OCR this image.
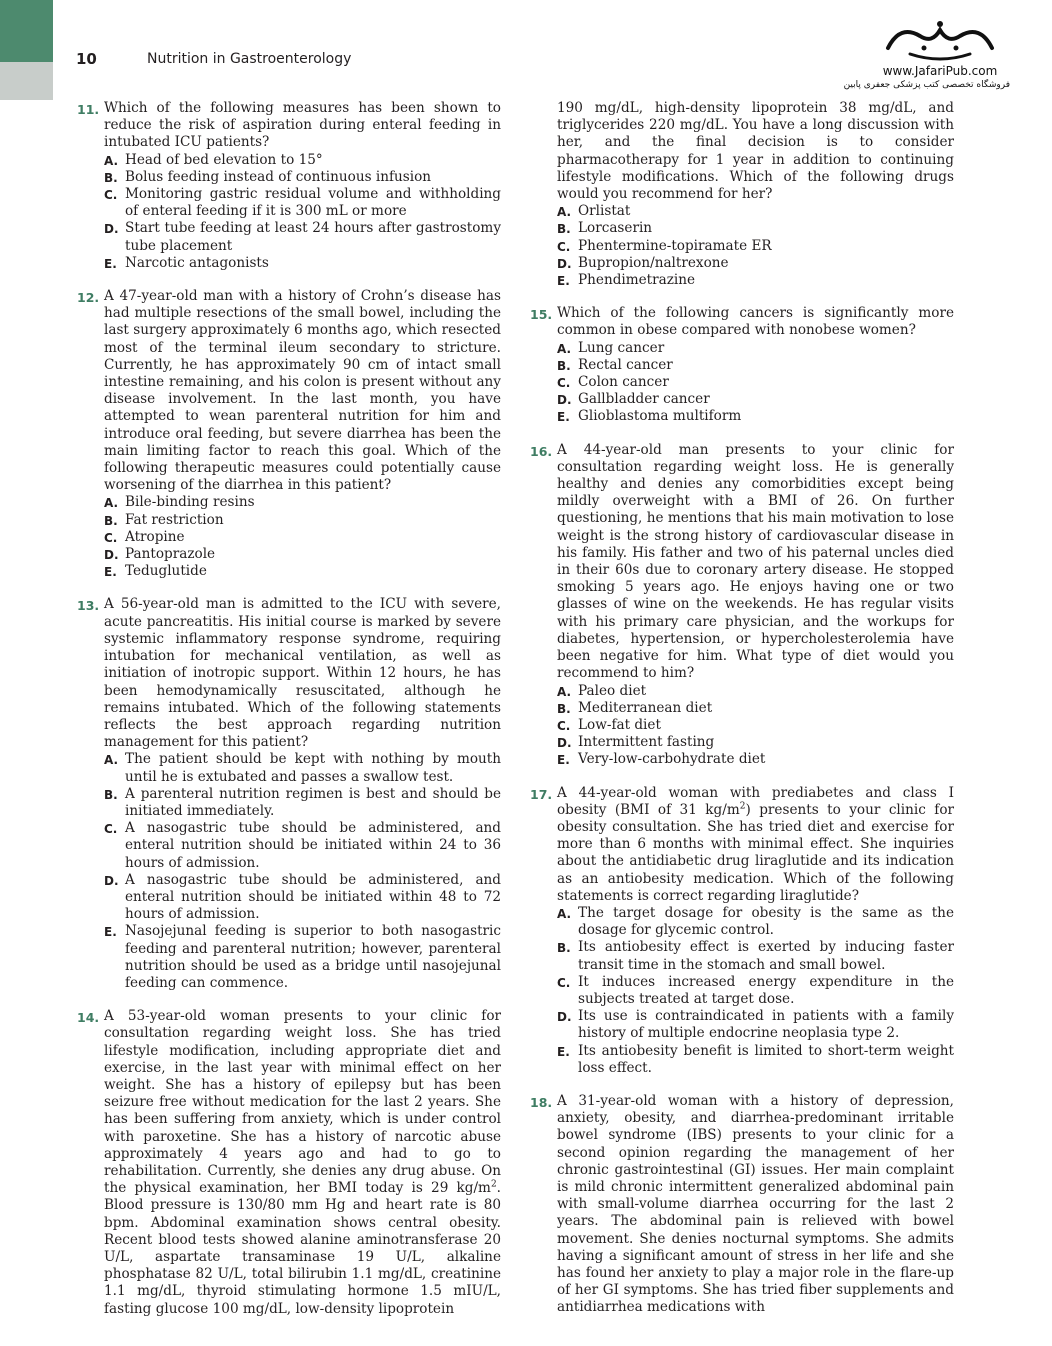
10	Nutrition in Gastroenterology
www.JafariPub.com
فروشگاه تخصصی کتب پزشکی جعفری پابین
11. Which of the following measures has been shown to reduce the risk of aspiration during enteral feeding in intubated ICU patients?

A. Head of bed elevation to 15°
B. Bolus feeding instead of continuous infusion
C. Monitoring gastric residual volume and withholding of enteral feeding if it is 300 mL or more
D. Start tube feeding at least 24 hours after gastrostomy tube placement
E. Narcotic antagonists
12. A 47-year-old man with a history of Crohn’s disease has had multiple resections of the small bowel, including the last surgery approximately 6 months ago, which resected most of the terminal ileum secondary to stricture. Currently, he has approximately 90 cm of intact small intestine remaining, and his colon is present without any disease involvement. In the last month, you have attempted to wean parenteral nutrition for him and introduce oral feeding, but severe diarrhea has been the main limiting factor to reach this goal. Which of the following therapeutic measures could potentially cause worsening of the diarrhea in this patient?

A. Bile-binding resins
B. Fat restriction
C. Atropine
D. Pantoprazole
E. Teduglutide
13. A 56-year-old man is admitted to the ICU with severe, acute pancreatitis. His initial course is marked by severe systemic inflammatory response syndrome, requiring intubation for mechanical ventilation, as well as initiation of inotropic support. Within 12 hours, he has been hemodynamically resuscitated, although he remains intubated. Which of the following statements reflects the best approach regarding nutrition management for this patient?

A. The patient should be kept with nothing by mouth until he is extubated and passes a swallow test.
B. A parenteral nutrition regimen is best and should be initiated immediately.
C. A nasogastric tube should be administered, and enteral nutrition should be initiated within 24 to 36 hours of admission.
D. A nasogastric tube should be administered, and enteral nutrition should be initiated within 48 to 72 hours of admission.
E. Nasojejunal feeding is superior to both nasogastric feeding and parenteral nutrition; however, parenteral nutrition should be used as a bridge until nasojejunal feeding can commence.
14. A 53-year-old woman presents to your clinic for consultation regarding weight loss. She has tried lifestyle modification, including appropriate diet and exercise, in the last year with minimal effect on her weight. She has a history of epilepsy but has been seizure free without medication for the last 2 years. She has been suffering from anxiety, which is under control with paroxetine. She has a history of narcotic abuse approximately 4 years ago and had to go to rehabilitation. Currently, she denies any drug abuse. On the physical examination, her BMI today is 29 $kg/m^2$. Blood pressure is 130/80 mm Hg and heart rate is 80 bpm. Abdominal examination shows central obesity. Recent blood tests showed alanine aminotransferase 20 U/L, aspartate transaminase 19 U/L, alkaline phosphatase 82 U/L, total bilirubin 1.1 mg/dL, creatinine 1.1 mg/dL, thyroid stimulating hormone 1.5 mIU/L, fasting glucose 100 mg/dL, low-density lipoprotein

190 mg/dL, high-density lipoprotein 38 mg/dL, and triglycerides 220 mg/dL. You have a long discussion with her, and the final decision is to consider pharmacotherapy for 1 year in addition to continuing lifestyle modifications. Which of the following drugs would you recommend for her?

A. Orlistat
B. Lorcaserin
C. Phentermine-topiramate ER
D. Bupropion/naltrexone
E. Phendimetrazine
15. Which of the following cancers is significantly more common in obese compared with nonobese women?

A. Lung cancer
B. Rectal cancer
C. Colon cancer
D. Gallbladder cancer
E. Glioblastoma multiform
16. A 44-year-old man presents to your clinic for consultation regarding weight loss. He is generally healthy and denies any comorbidities except being mildly overweight with a BMI of 26. On further questioning, he mentions that his main motivation to lose weight is the strong history of cardiovascular disease in his family. His father and two of his paternal uncles died in their 60s due to coronary artery disease. He stopped smoking 5 years ago. He enjoys having one or two glasses of wine on the weekends. He has regular visits with his primary care physician, and the workups for diabetes, hypertension, or hypercholesterolemia have been negative for him. What type of diet would you recommend to him?

A. Paleo diet
B. Mediterranean diet
C. Low-fat diet
D. Intermittent fasting
E. Very-low-carbohydrate diet
17. A 44-year-old woman with prediabetes and class I obesity (BMI of 31 $kg/m^2$) presents to your clinic for obesity consultation. She has tried diet and exercise for more than 6 months with minimal effect. She inquiries about the antidiabetic drug liraglutide and its indication as an antiobesity medication. Which of the following statements is correct regarding liraglutide?

A. The target dosage for obesity is the same as the dosage for glycemic control.
B. Its antiobesity effect is exerted by inducing faster transit time in the stomach and small bowel.
C. It induces increased energy expenditure in the subjects treated at target dose.
D. Its use is contraindicated in patients with a family history of multiple endocrine neoplasia type 2.
E. Its antiobesity benefit is limited to short-term weight loss effect.
18. A 31-year-old woman with a history of depression, anxiety, obesity, and diarrhea-predominant irritable bowel syndrome (IBS) presents to your clinic for a second opinion regarding the management of her chronic gastrointestinal (GI) issues. Her main complaint is mild chronic intermittent generalized abdominal pain with small-volume diarrhea occurring for the last 2 years. The abdominal pain is relieved with bowel movement. She denies nocturnal symptoms. She admits having a significant amount of stress in her life and she has found her anxiety to play a major role in the flare-up of her GI symptoms. She has tried fiber supplements and antidiarrhea medications with
